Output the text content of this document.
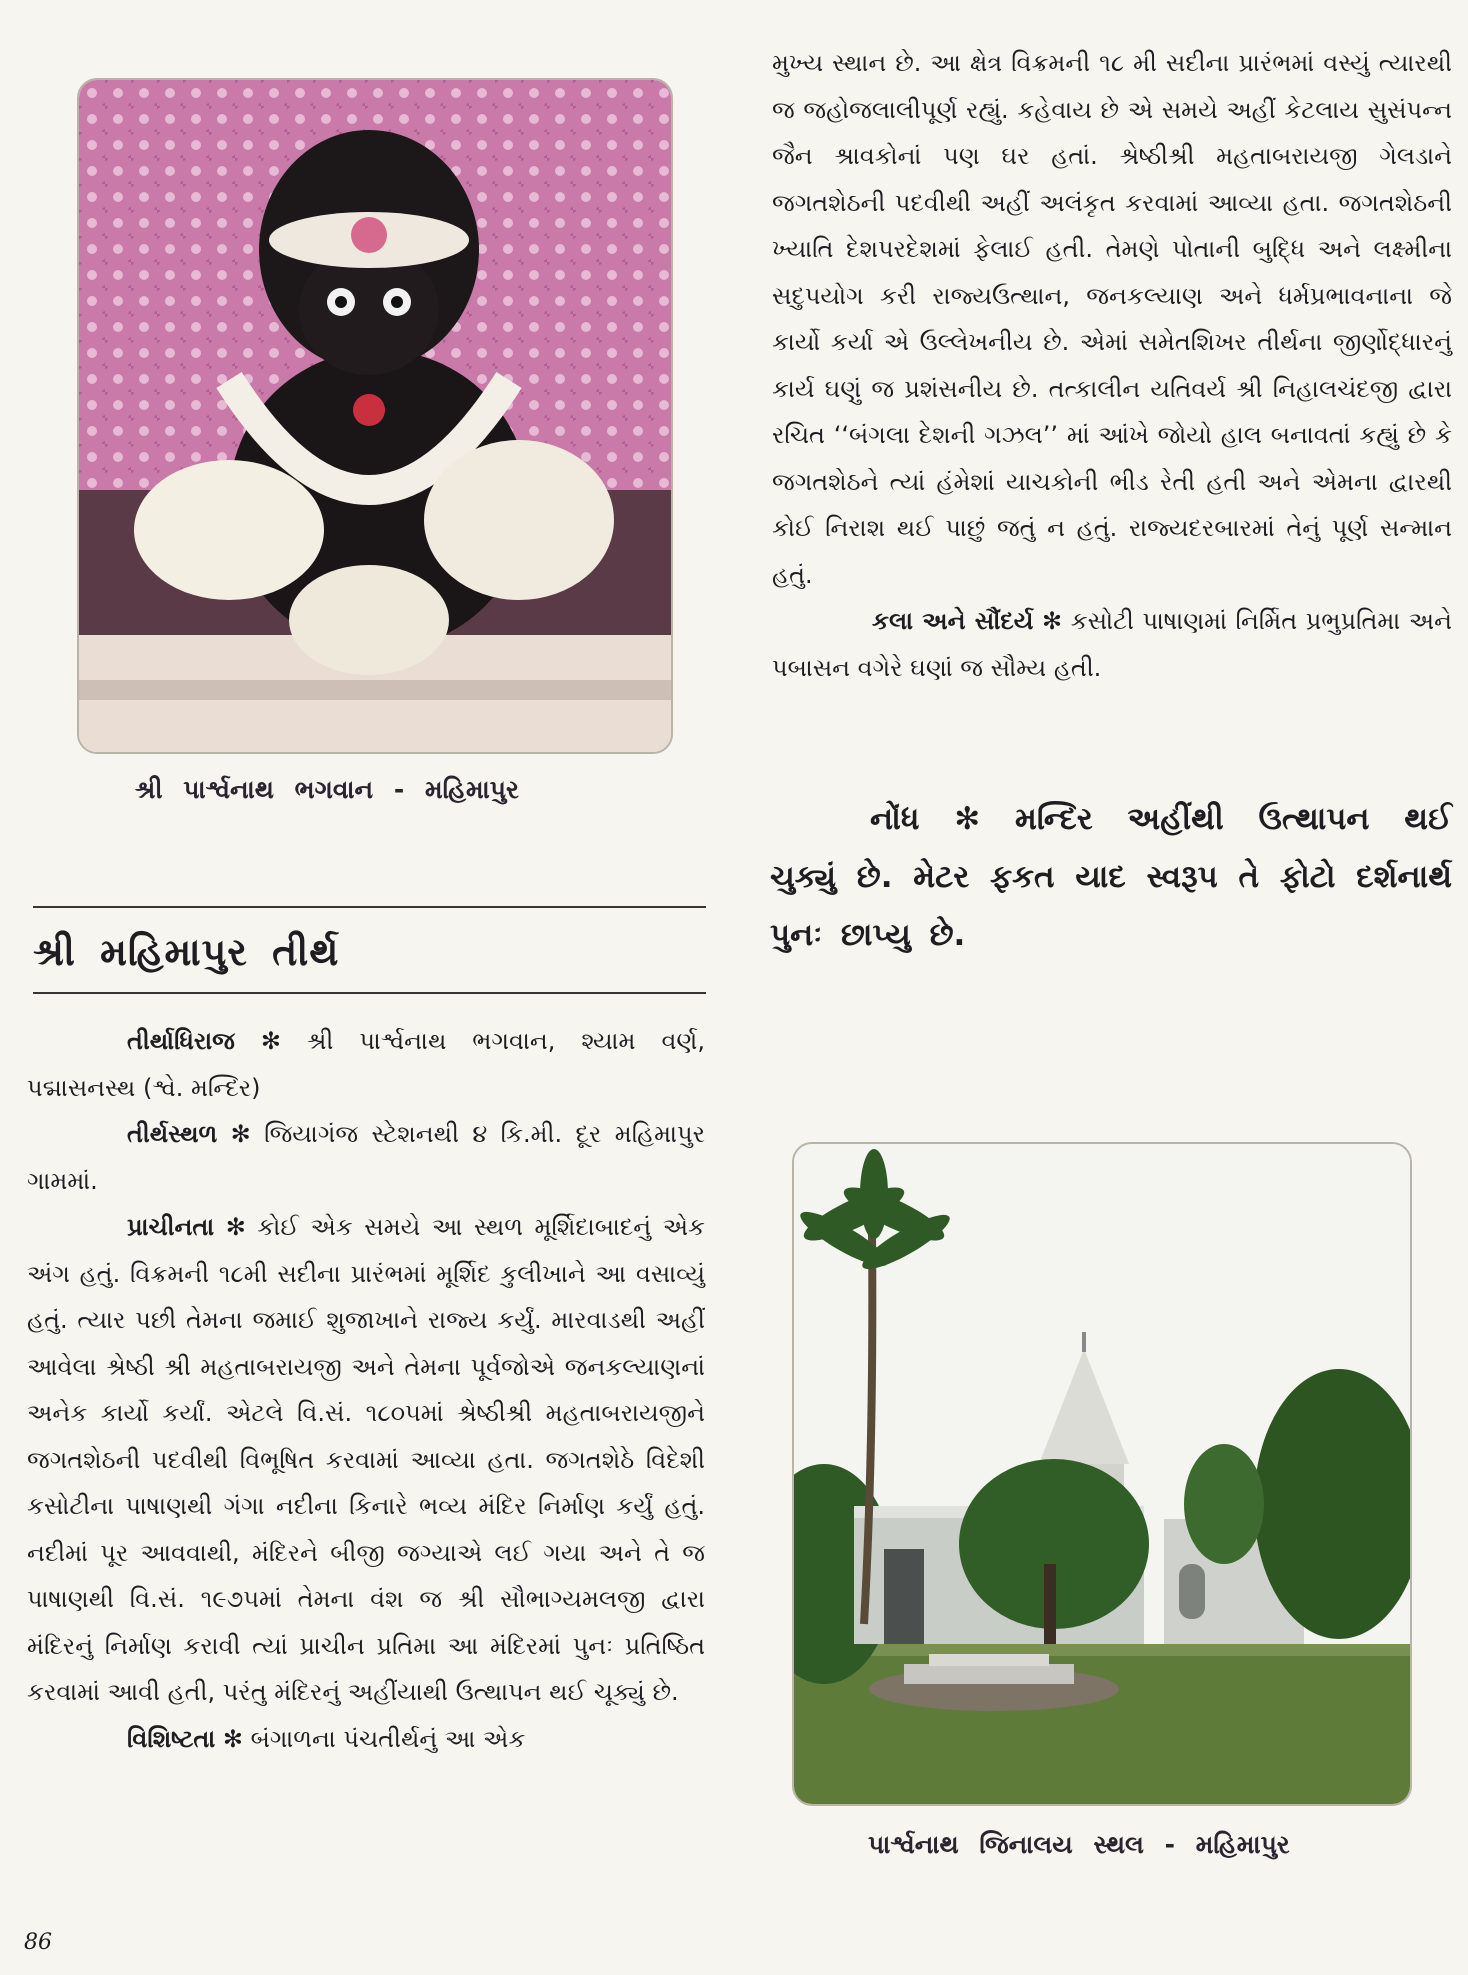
શ્રી પાર્શ્વનાથ ભગવાન - મહિમાપુર
શ્રી મહિમાપુર તીર્થ

તીર્થાધિરાજ ✻ શ્રી પાર્શ્વનાથ ભગવાન, શ્યામ વર્ણ, પદ્માસનસ્થ (શ્વે. મન્દિર)

તીર્થસ્થળ ✻ જિયાગંજ સ્ટેશનથી ૪ કિ.મી. દૂર મહિમાપુર ગામમાં.

પ્રાચીનતા ✻ કોઈ એક સમયે આ સ્થળ મૂર્શિદાબાદનું એક અંગ હતું. વિક્રમની ૧૮મી સદીના પ્રારંભમાં મૂર્શિદ કુલીખાને આ વસાવ્યું હતું. ત્યાર પછી તેમના જમાઈ શુજાખાને રાજ્ય કર્યું. મારવાડથી અહીં આવેલા શ્રેષ્ઠી શ્રી મહતાબરાયજી અને તેમના પૂર્વજોએ જનકલ્યાણનાં અનેક કાર્યો કર્યાં. એટલે વિ.સં. ૧૮૦૫માં શ્રેષ્ઠીશ્રી મહતાબરાયજીને જગતશેઠની પદવીથી વિભૂષિત કરવામાં આવ્યા હતા. જગતશેઠે વિદેશી કસોટીના પાષાણથી ગંગા નદીના કિનારે ભવ્ય મંદિર નિર્માણ કર્યું હતું. નદીમાં પૂર આવવાથી, મંદિરને બીજી જગ્યાએ લઈ ગયા અને તે જ પાષાણથી વિ.સં. ૧૯૭૫માં તેમના વંશ જ શ્રી સૌભાગ્યમલજી દ્વારા મંદિરનું નિર્માણ કરાવી ત્યાં પ્રાચીન પ્રતિમા આ મંદિરમાં પુનઃ પ્રતિષ્ઠિત કરવામાં આવી હતી, પરંતુ મંદિરનું અહીંયાથી ઉત્થાપન થઈ ચૂક્યું છે.

વિશિષ્ટતા ✻ બંગાળના પંચતીર્થનું આ એક

મુખ્ય સ્થાન છે. આ ક્ષેત્ર વિક્રમની ૧૮ મી સદીના પ્રારંભમાં વસ્યું ત્યારથી જ જહોજલાલીપૂર્ણ રહ્યું. કહેવાય છે એ સમયે અહીં કેટલાય સુસંપન્ન જૈન શ્રાવકોનાં પણ ઘર હતાં. શ્રેષ્ઠીશ્રી મહતાબરાયજી ગેલડાને જગતશેઠની પદવીથી અહીં અલંકૃત કરવામાં આવ્યા હતા. જગતશેઠની ખ્યાતિ દેશપરદેશમાં ફેલાઈ હતી. તેમણે પોતાની બુદ્ધિ અને લક્ષ્મીના સદુપયોગ કરી રાજ્યઉત્થાન, જનકલ્યાણ અને ધર્મપ્રભાવનાના જે કાર્યો કર્યા એ ઉલ્લેખનીય છે. એમાં સમેતશિખર તીર્થના જીર્ણોદ્ધારનું કાર્ય ઘણું જ પ્રશંસનીય છે. તત્કાલીન યતિવર્ય શ્રી નિહાલચંદજી દ્વારા રચિત ‘‘બંગલા દેશની ગઝલ’’ માં આંખે જોયો હાલ બનાવતાં કહ્યું છે કે જગતશેઠને ત્યાં હંમેશાં યાચકોની ભીડ રેતી હતી અને એમના દ્વારથી કોઈ નિરાશ થઈ પાછું જતું ન હતું. રાજ્યદરબારમાં તેનું પૂર્ણ સન્માન હતું.

કલા અને સૌંદર્ય ✻ કસોટી પાષાણમાં નિર્મિત પ્રભુપ્રતિમા અને પબાસન વગેરે ઘણાં જ સૌમ્ય હતી.

નોંધ ✻ મન્દિર અહીંથી ઉત્થાપન થઈ ચુક્યું છે. મેટર ફકત યાદ સ્વરૂપ તે ફોટો દર્શનાર્થ પુનઃ છાપ્યુ છે.

પાર્શ્વનાથ જિનાલય સ્થલ - મહિમાપુર
86
